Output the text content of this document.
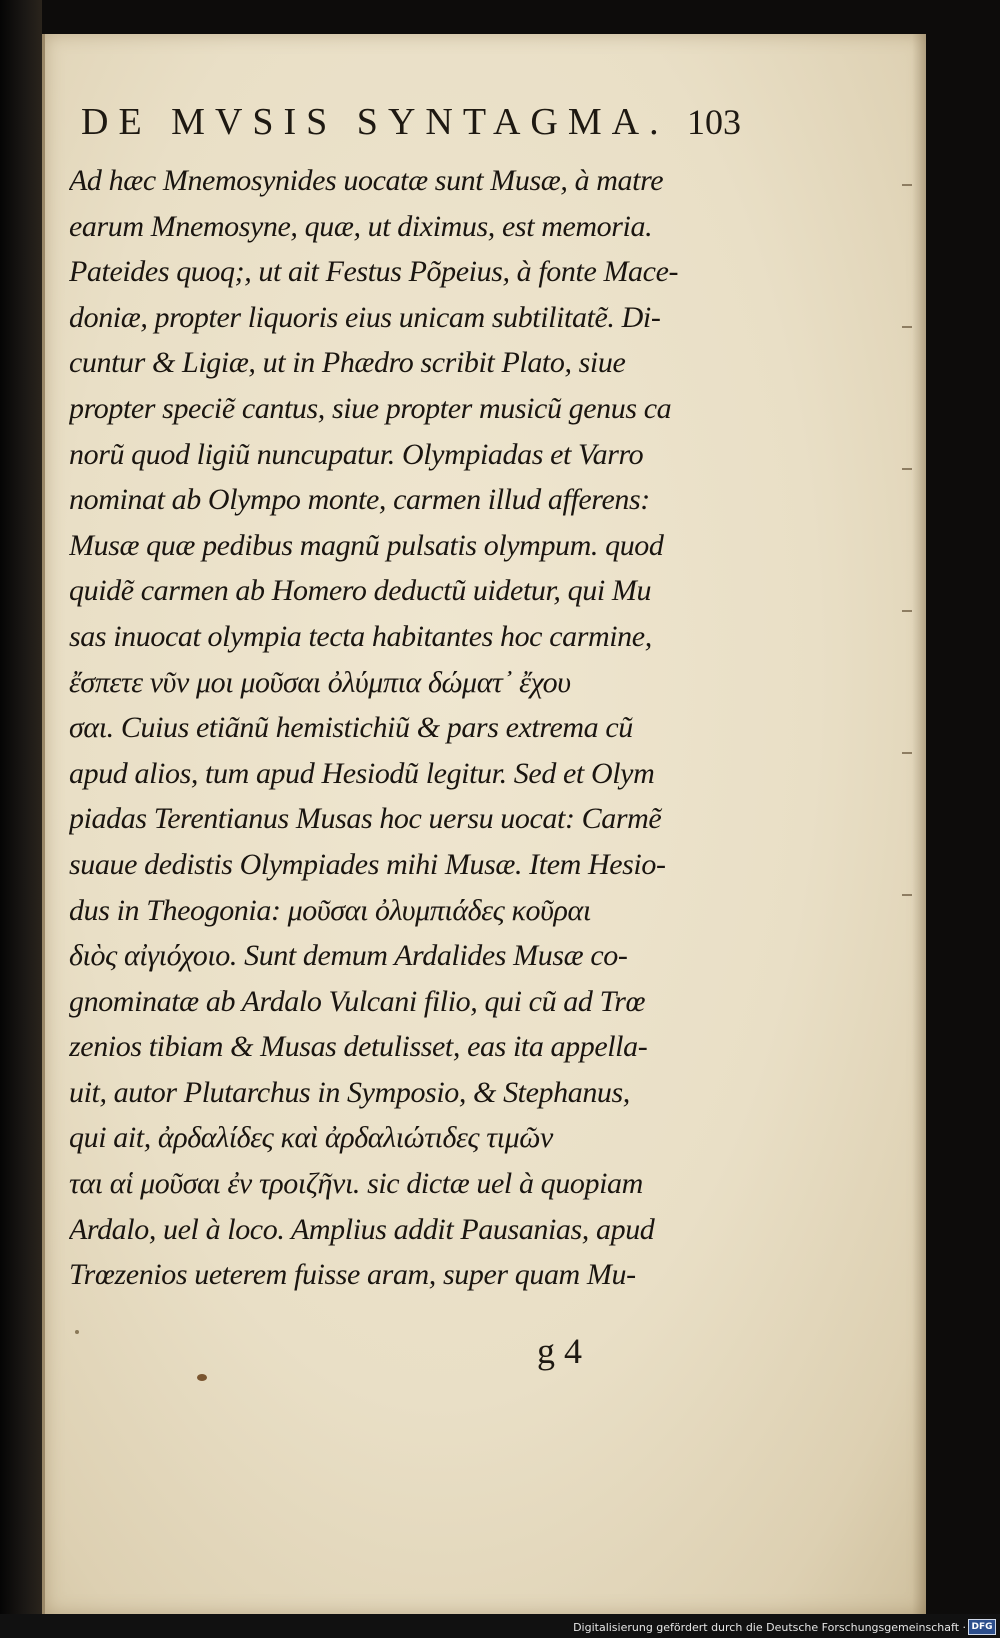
DE MVSIS SYNTAGMA. 103
Ad hæc Mnemosynides uocatæ sunt Musæ, à matre
earum Mnemosyne, quæ, ut diximus, est memoria.
Pateides quoq;, ut ait Festus Põpeius, à fonte Mace-
doniæ, propter liquoris eius unicam subtilitatẽ. Di-
cuntur & Ligiæ, ut in Phædro scribit Plato, siue
propter speciẽ cantus, siue propter musicũ genus ca
norũ quod ligiũ nuncupatur. Olympiadas et Varro
nominat ab Olympo monte, carmen illud afferens:
Musæ quæ pedibus magnũ pulsatis olympum. quod
quidẽ carmen ab Homero deductũ uidetur, qui Mu
sas inuocat olympia tecta habitantes hoc carmine,
ἔσπετε νῦν μοι μοῦσαι ὀλύμπια δώματ᾽ ἔχου
σαι. Cuius etiãnũ hemistichiũ & pars extrema cũ
apud alios, tum apud Hesiodũ legitur. Sed et Olym
piadas Terentianus Musas hoc uersu uocat: Carmẽ
suaue dedistis Olympiades mihi Musæ. Item Hesio-
dus in Theogonia: μοῦσαι ὀλυμπιάδες κοῦραι
διὸς αἰγιόχοιο. Sunt demum Ardalides Musæ co-
gnominatæ ab Ardalo Vulcani filio, qui cũ ad Trœ
zenios tibiam & Musas detulisset, eas ita appella-
uit, autor Plutarchus in Symposio, & Stephanus,
qui ait, ἀρδαλίδες καὶ ἀρδαλιώτιδες τιμῶν
ται αἱ μοῦσαι ἐν τροιζῆνι. sic dictæ uel à quopiam
Ardalo, uel à loco. Amplius addit Pausanias, apud
Trœzenios ueterem fuisse aram, super quam Mu-
g 4
Digitalisierung gefördert durch die Deutsche Forschungsgemeinschaft · DFG
